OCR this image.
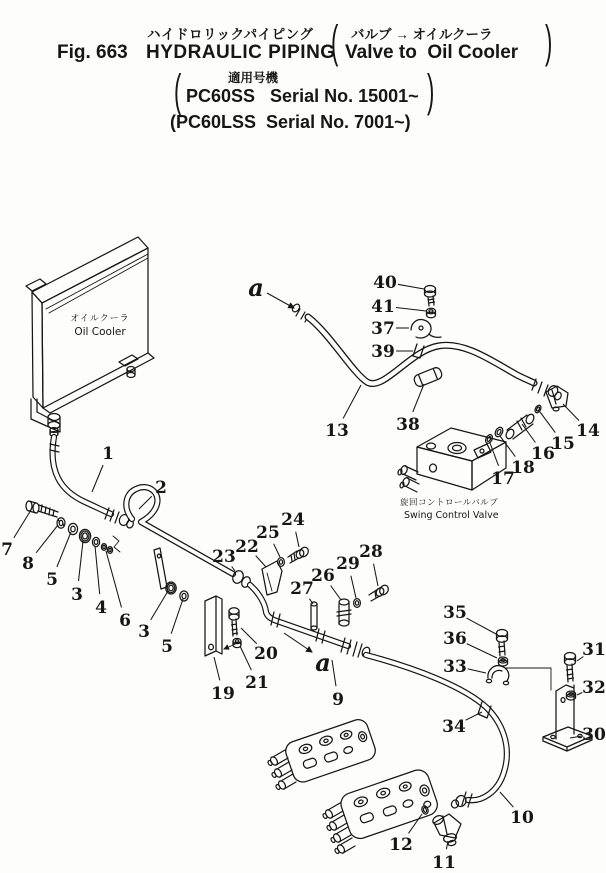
ハイドロリックパイピング
Fig. 663 HYDRAULIC PIPING
( バルブ → オイルクーラ
Valve to  Oil Cooler )
(	適用号機
PC60SS   Serial No. 15001~ )
(PC60LSS  Serial No. 7001~)
オイルクーラ
Oil Cooler
旋回コントロールバルブ
Swing Control Valve
1
2
7
8
5
3
4
6
3
5
13	38
40
41
37
39
14
15
16
18
17
22
23
25
24
26
27
29
28
19
20
21
9
35
36
33
34
31
32
30
10
12
11
a
a
